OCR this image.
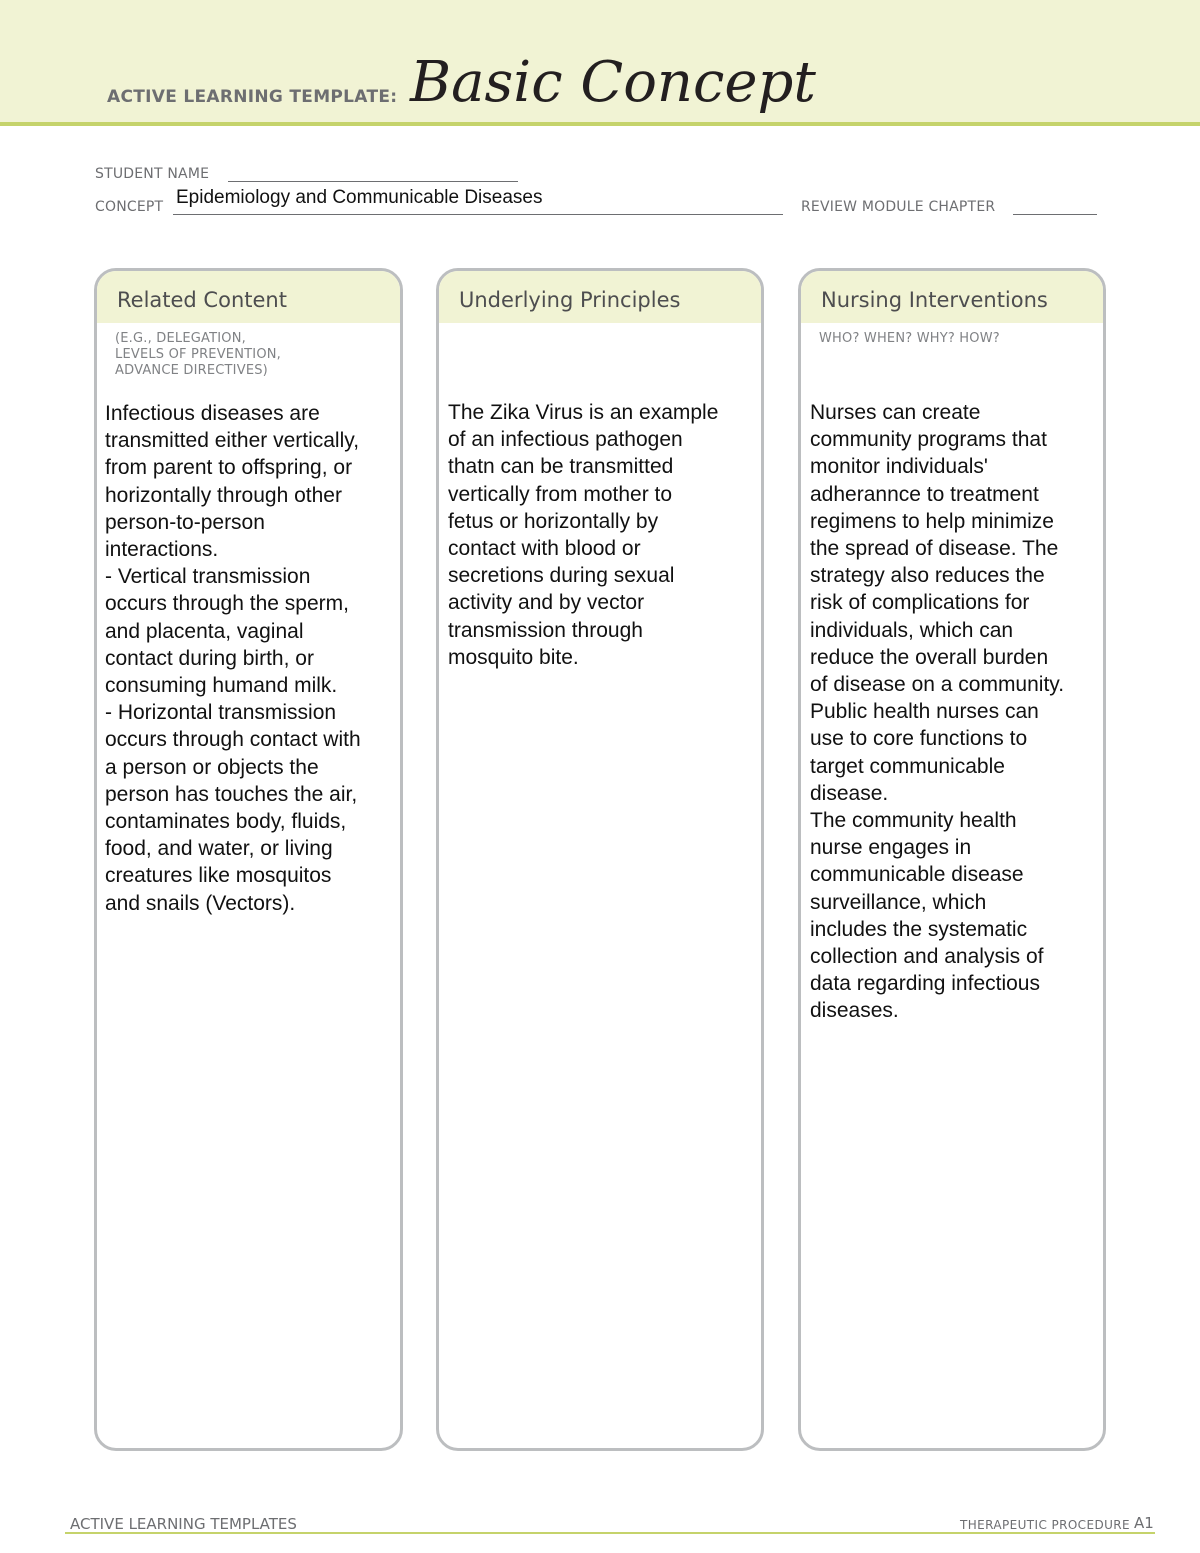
ACTIVE LEARNING TEMPLATE: Basic Concept
STUDENT NAME
CONCEPT Epidemiology and Communicable Diseases	REVIEW MODULE CHAPTER
Related Content
(E.G., DELEGATION,
LEVELS OF PREVENTION,
ADVANCE DIRECTIVES)
Infectious diseases are
transmitted either vertically,
from parent to offspring, or
horizontally through other
person-to-person
interactions.
- Vertical transmission
occurs through the sperm,
and placenta, vaginal
contact during birth, or
consuming humand milk.
- Horizontal transmission
occurs through contact with
a person or objects the
person has touches the air,
contaminates body, fluids,
food, and water, or living
creatures like mosquitos
and snails (Vectors).
Underlying Principles
The Zika Virus is an example
of an infectious pathogen
thatn can be transmitted
vertically from mother to
fetus or horizontally by
contact with blood or
secretions during sexual
activity and by vector
transmission through
mosquito bite.
Nursing Interventions
WHO? WHEN? WHY? HOW?
Nurses can create
community programs that
monitor individuals'
adherannce to treatment
regimens to help minimize
the spread of disease. The
strategy also reduces the
risk of complications for
individuals, which can
reduce the overall burden
of disease on a community.
Public health nurses can
use to core functions to
target communicable
disease.
The community health
nurse engages in
communicable disease
surveillance, which
includes the systematic
collection and analysis of
data regarding infectious
diseases.
ACTIVE LEARNING TEMPLATES	THERAPEUTIC PROCEDURE A1
